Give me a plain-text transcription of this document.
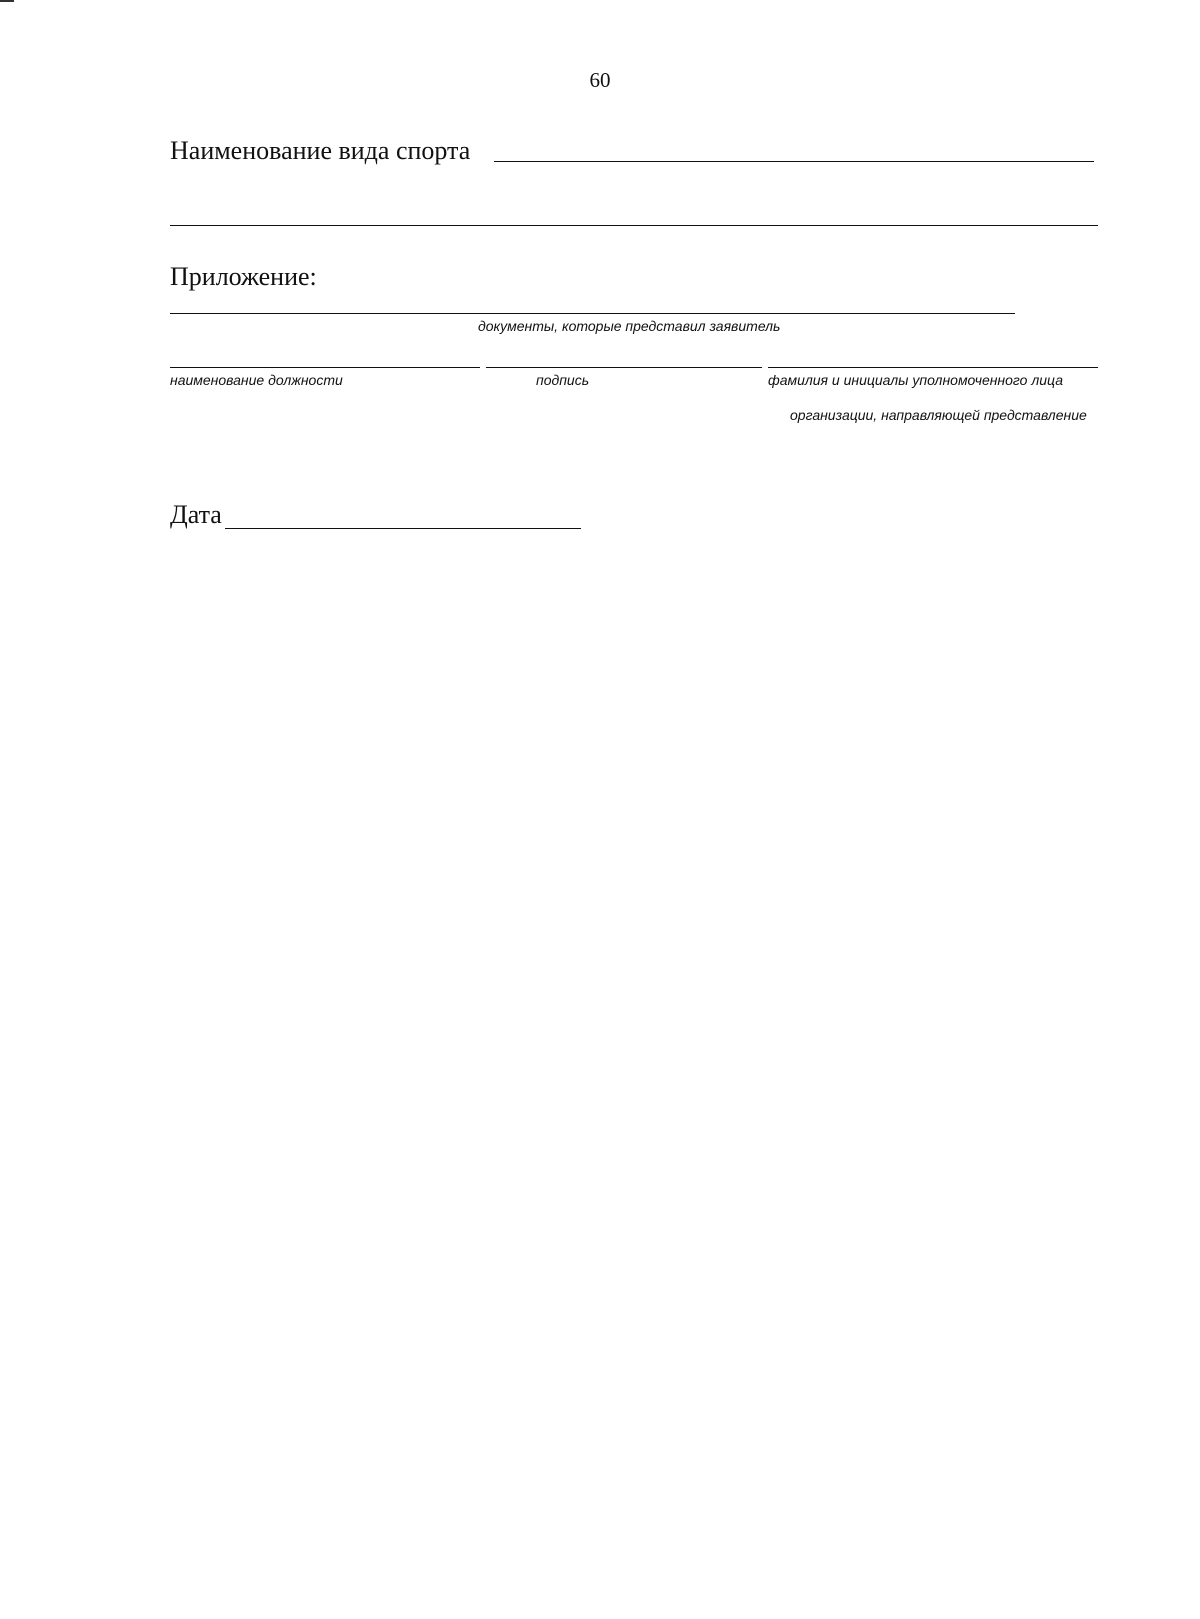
60
Наименование вида спорта
Приложение:
документы, которые представил заявитель
наименование должности	подпись	фамилия и инициалы уполномоченного лица
организации, направляющей представление
Дата
